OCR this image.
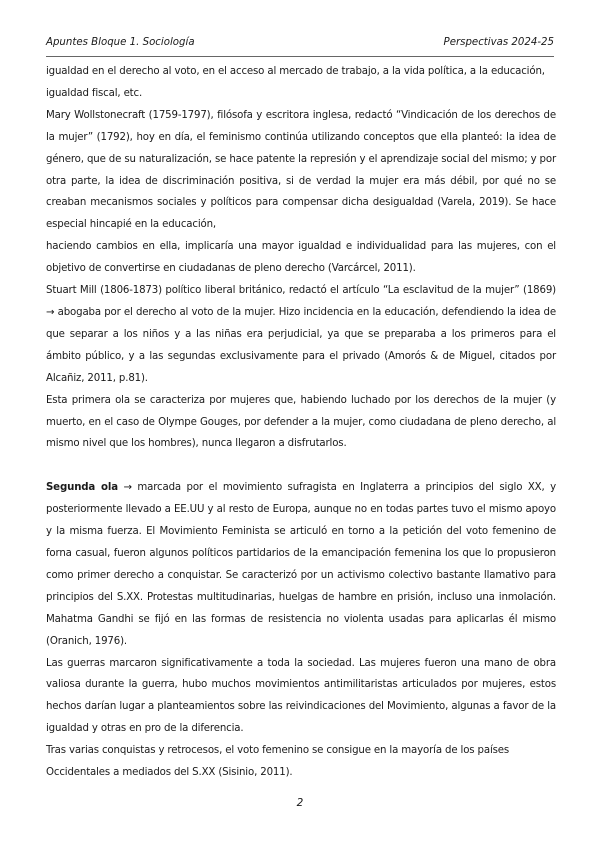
Apuntes Bloque 1. Sociología	Perspectivas 2024-25

igualdad en el derecho al voto, en el acceso al mercado de trabajo, a la vida política, a la educación, igualdad fiscal, etc.

Mary Wollstonecraft (1759-1797), filósofa y escritora inglesa, redactó “Vindicación de los derechos de la mujer” (1792), hoy en día, el feminismo continúa utilizando conceptos que ella planteó: la idea de género, que de su naturalización, se hace patente la represión y el aprendizaje social del mismo; y por otra parte, la idea de discriminación positiva, si de verdad la mujer era más débil, por qué no se creaban mecanismos sociales y políticos para compensar dicha desigualdad (Varela, 2019). Se hace especial hincapié en la educación,

haciendo cambios en ella, implicaría una mayor igualdad e individualidad para las mujeres, con el objetivo de convertirse en ciudadanas de pleno derecho (Varcárcel, 2011).

Stuart Mill (1806-1873) político liberal británico, redactó el artículo “La esclavitud de la mujer” (1869) → abogaba por el derecho al voto de la mujer. Hizo incidencia en la educación, defendiendo la idea de que separar a los niños y a las niñas era perjudicial, ya que se preparaba a los primeros para el ámbito público, y a las segundas exclusivamente para el privado (Amorós & de Miguel, citados por Alcañiz, 2011, p.81).

Esta primera ola se caracteriza por mujeres que, habiendo luchado por los derechos de la mujer (y muerto, en el caso de Olympe Gouges, por defender a la mujer, como ciudadana de pleno derecho, al mismo nivel que los hombres), nunca llegaron a disfrutarlos.

Segunda ola → marcada por el movimiento sufragista en Inglaterra a principios del siglo XX, y posteriormente llevado a EE.UU y al resto de Europa, aunque no en todas partes tuvo el mismo apoyo y la misma fuerza. El Movimiento Feminista se articuló en torno a la petición del voto femenino de forna casual, fueron algunos políticos partidarios de la emancipación femenina los que lo propusieron como primer derecho a conquistar. Se caracterizó por un activismo colectivo bastante llamativo para principios del S.XX. Protestas multitudinarias, huelgas de hambre en prisión, incluso una inmolación. Mahatma Gandhi se fijó en las formas de resistencia no violenta usadas para aplicarlas él mismo (Oranich, 1976).

Las guerras marcaron significativamente a toda la sociedad. Las mujeres fueron una mano de obra valiosa durante la guerra, hubo muchos movimientos antimilitaristas articulados por mujeres, estos hechos darían lugar a planteamientos sobre las reivindicaciones del Movimiento, algunas a favor de la igualdad y otras en pro de la diferencia.

Tras varias conquistas y retrocesos, el voto femenino se consigue en la mayoría de los países Occidentales a mediados del S.XX (Sisinio, 2011).

2
